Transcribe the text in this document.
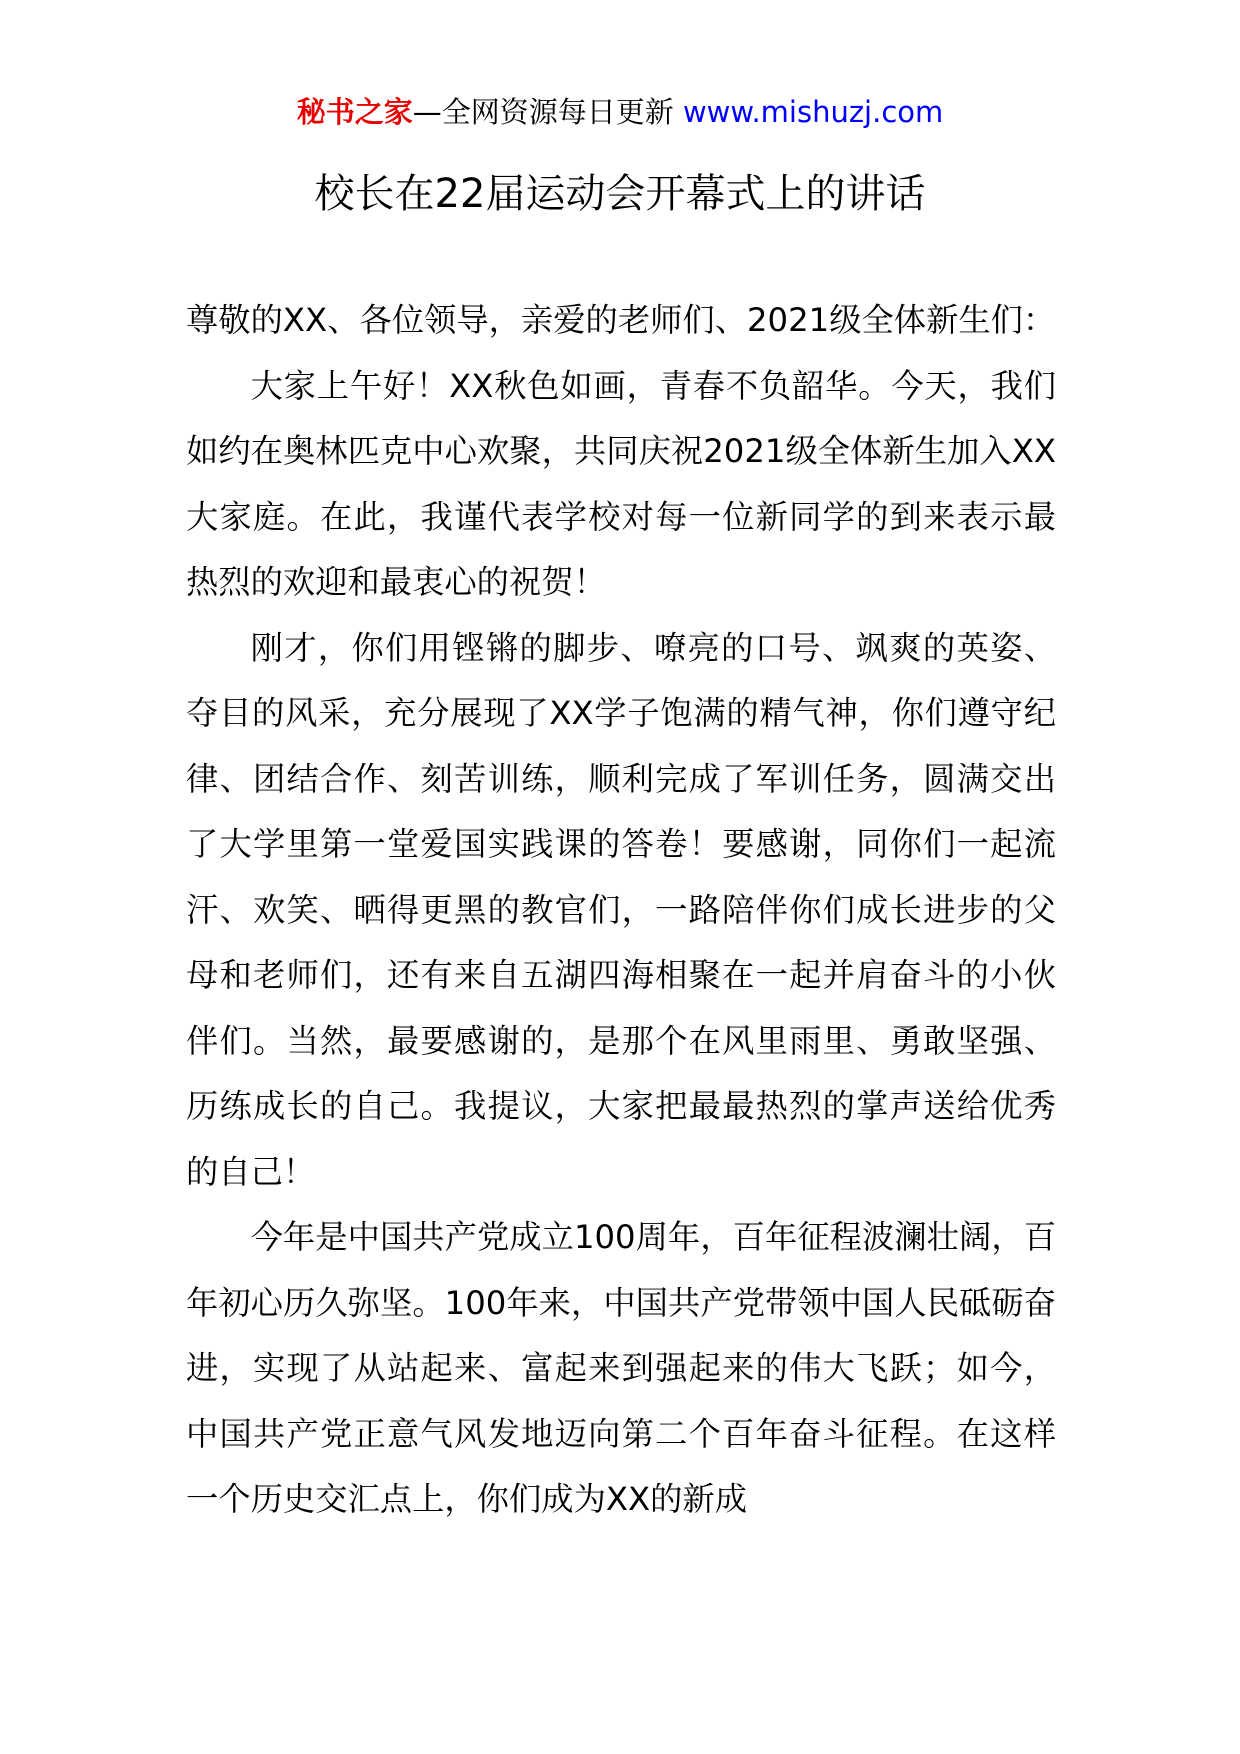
秘书之家—全网资源每日更新 www.mishuzj.com
校长在22届运动会开幕式上的讲话

尊敬的XX、各位领导，亲爱的老师们、2021级全体新生们：

大家上午好！XX秋色如画，青春不负韶华。今天，我们如约在奥林匹克中心欢聚，共同庆祝2021级全体新生加入XX大家庭。在此，我谨代表学校对每一位新同学的到来表示最热烈的欢迎和最衷心的祝贺！

刚才，你们用铿锵的脚步、嘹亮的口号、飒爽的英姿、夺目的风采，充分展现了XX学子饱满的精气神，你们遵守纪律、团结合作、刻苦训练，顺利完成了军训任务，圆满交出了大学里第一堂爱国实践课的答卷！要感谢，同你们一起流汗、欢笑、晒得更黑的教官们，一路陪伴你们成长进步的父母和老师们，还有来自五湖四海相聚在一起并肩奋斗的小伙伴们。当然，最要感谢的，是那个在风里雨里、勇敢坚强、历练成长的自己。我提议，大家把最最热烈的掌声送给优秀的自己！

今年是中国共产党成立100周年，百年征程波澜壮阔，百年初心历久弥坚。100年来，中国共产党带领中国人民砥砺奋进，实现了从站起来、富起来到强起来的伟大飞跃；如今，中国共产党正意气风发地迈向第二个百年奋斗征程。在这样一个历史交汇点上，你们成为XX的新成
